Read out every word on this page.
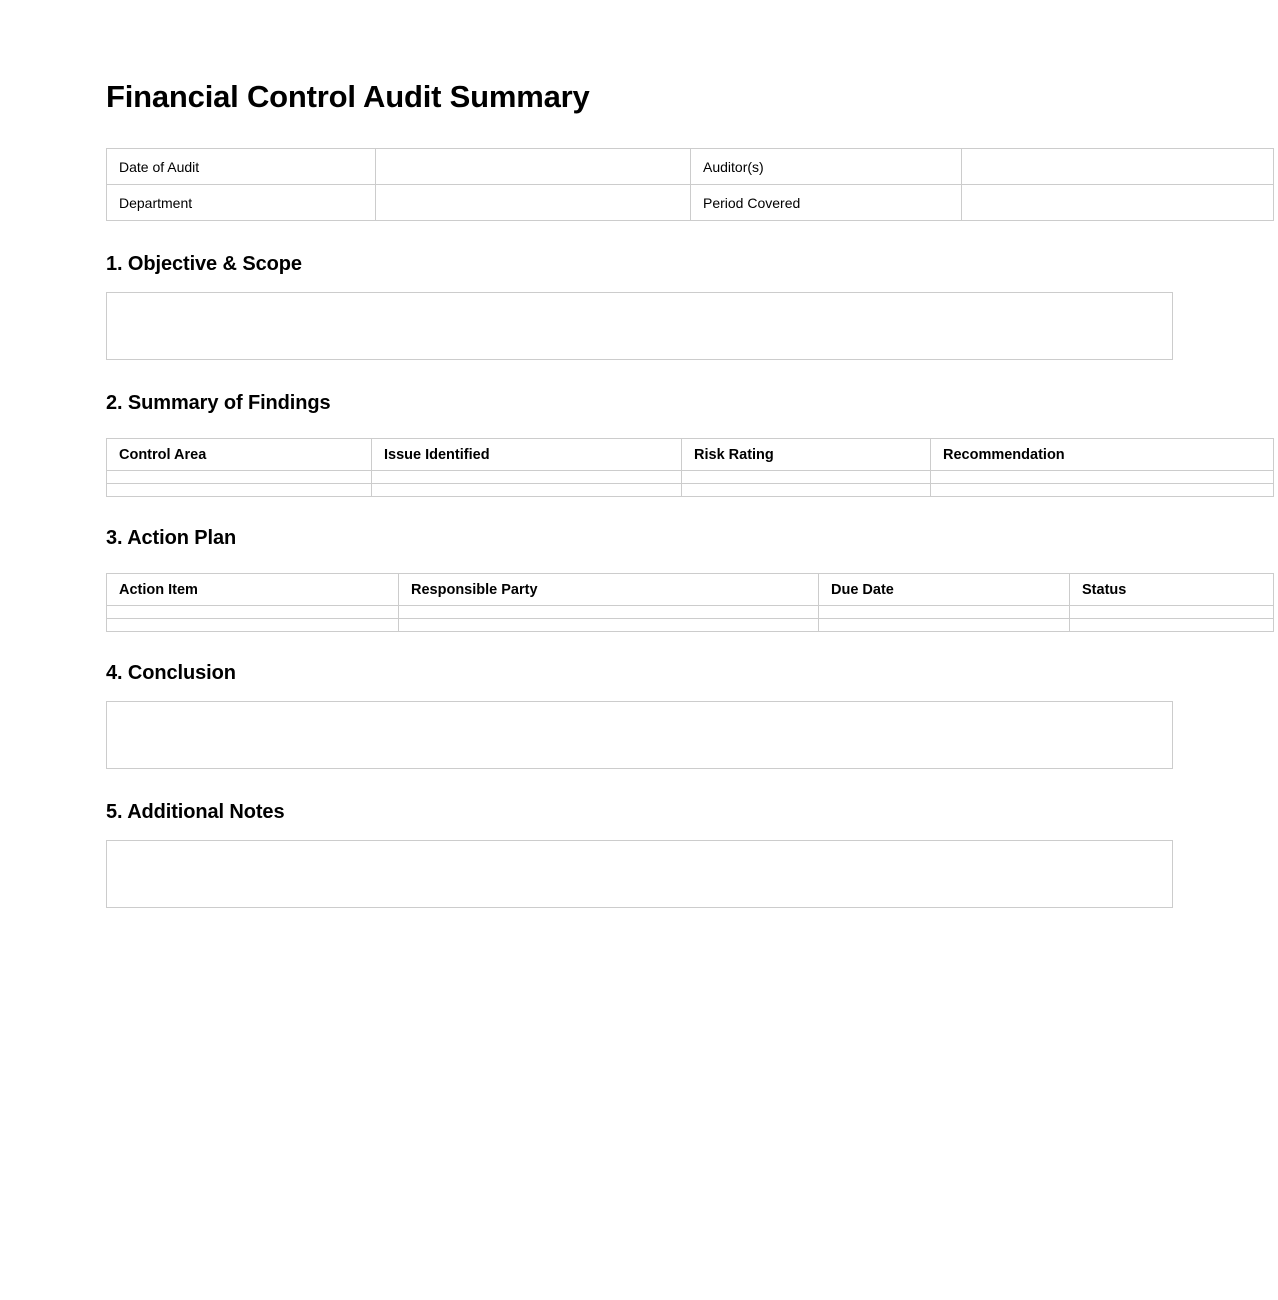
Financial Control Audit Summary
Date of Audit		Auditor(s)	
Department		Period Covered	
1. Objective & Scope
2. Summary of Findings
Control Area	Issue Identified	Risk Rating	Recommendation

3. Action Plan
Action Item	Responsible Party	Due Date	Status

4. Conclusion
5. Additional Notes
